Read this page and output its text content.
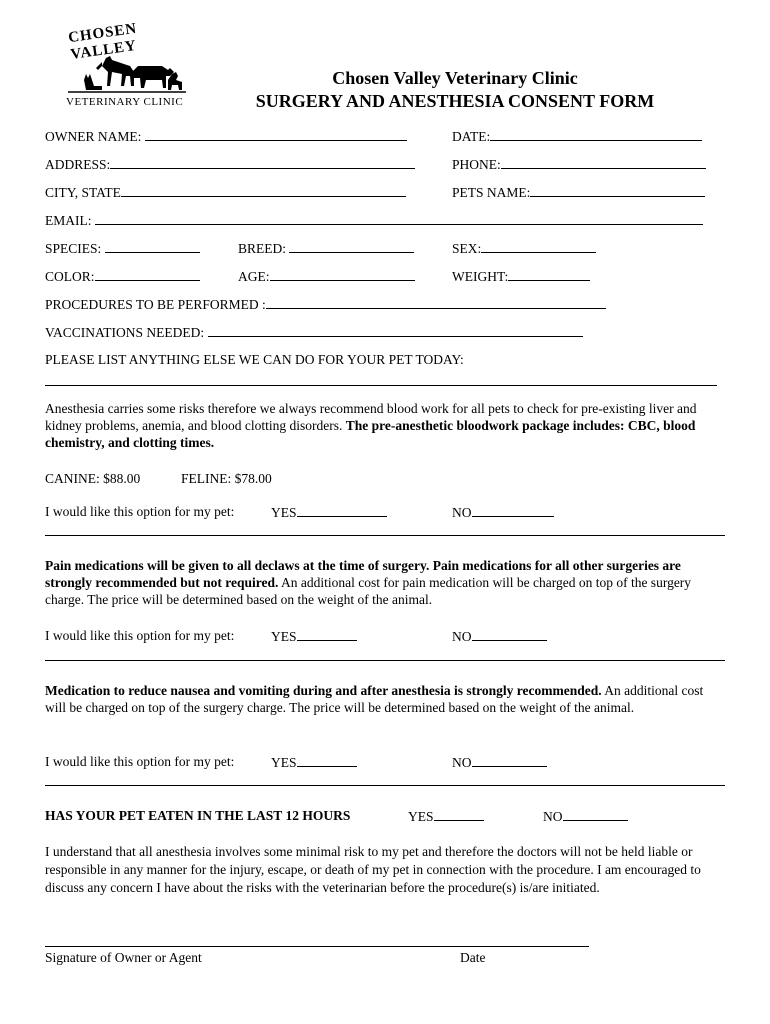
CHOSEN VALLEY
VETERINARY CLINIC
Chosen Valley Veterinary Clinic
SURGERY AND ANESTHESIA CONSENT FORM
OWNER NAME:	DATE:
ADDRESS:	PHONE:
CITY, STATE	PETS NAME:
EMAIL:
SPECIES:	BREED:	SEX:
COLOR:	AGE:	WEIGHT:
PROCEDURES TO BE PERFORMED :
VACCINATIONS NEEDED:
PLEASE LIST ANYTHING ELSE WE CAN DO FOR YOUR PET TODAY:
Anesthesia carries some risks therefore we always recommend blood work for all pets to check for pre-existing liver and kidney problems, anemia, and blood clotting disorders. The pre-anesthetic bloodwork package includes: CBC, blood chemistry, and clotting times.
CANINE: $88.00	FELINE: $78.00
I would like this option for my pet:	YES	NO
Pain medications will be given to all declaws at the time of surgery. Pain medications for all other surgeries are strongly recommended but not required. An additional cost for pain medication will be charged on top of the surgery charge. The price will be determined based on the weight of the animal.
I would like this option for my pet:	YES	NO
Medication to reduce nausea and vomiting during and after anesthesia is strongly recommended. An additional cost will be charged on top of the surgery charge. The price will be determined based on the weight of the animal.
I would like this option for my pet:	YES	NO
HAS YOUR PET EATEN IN THE LAST 12 HOURS	YES	NO
I understand that all anesthesia involves some minimal risk to my pet and therefore the doctors will not be held liable or responsible in any manner for the injury, escape, or death of my pet in connection with the procedure. I am encouraged to discuss any concern I have about the risks with the veterinarian before the procedure(s) is/are initiated.
Signature of Owner or Agent	Date
